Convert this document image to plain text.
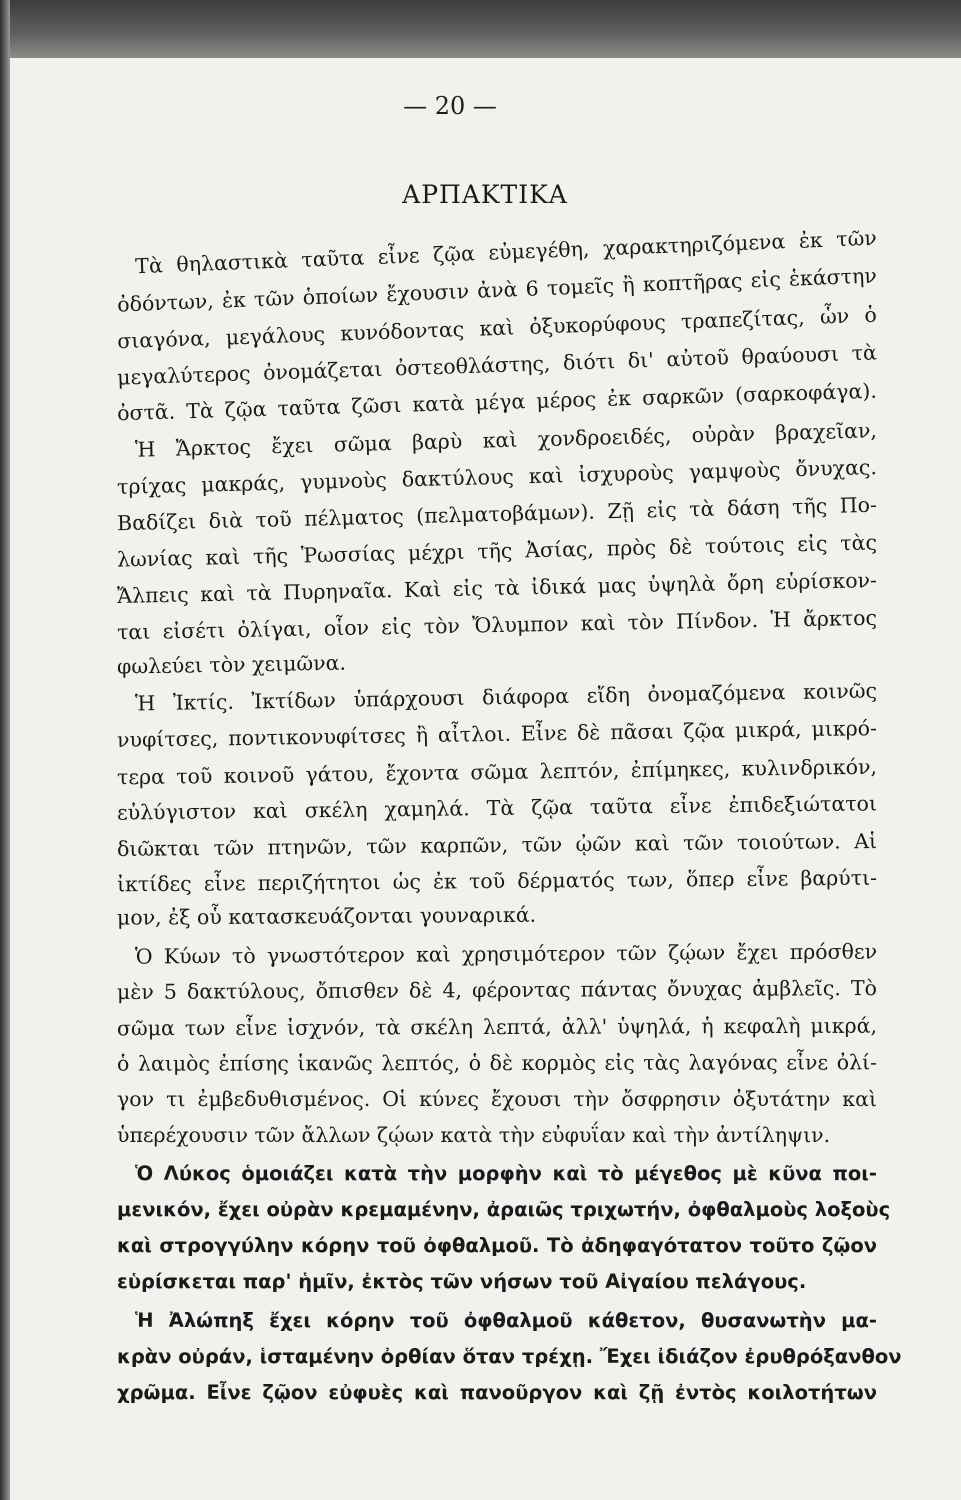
— 20 —
ΑΡΠΑΚΤΙΚΑ
Τὰ θηλαστικὰ ταῦτα εἶνε ζῷα εὐμεγέθη, χαρακτηριζόμενα ἐκ τῶν
ὀδόντων, ἐκ τῶν ὁποίων ἔχουσιν ἀνὰ 6 τομεῖς ἢ κοπτῆρας εἰς ἑκάστην
σιαγόνα, μεγάλους κυνόδοντας καὶ ὀξυκορύφους τραπεζίτας, ὧν ὁ
μεγαλύτερος ὀνομάζεται ὀστεοθλάστης, διότι δι' αὐτοῦ θραύουσι τὰ
ὀστᾶ. Τὰ ζῷα ταῦτα ζῶσι κατὰ μέγα μέρος ἐκ σαρκῶν (σαρκοφάγα).
Ἡ Ἄρκτος ἔχει σῶμα βαρὺ καὶ χονδροειδές, οὐρὰν βραχεῖαν,
τρίχας μακράς, γυμνοὺς δακτύλους καὶ ἰσχυροὺς γαμψοὺς ὄνυχας.
Βαδίζει διὰ τοῦ πέλματος (πελματοβάμων). Ζῇ εἰς τὰ δάση τῆς Πο-
λωνίας καὶ τῆς Ῥωσσίας μέχρι τῆς Ἀσίας, πρὸς δὲ τούτοις εἰς τὰς
Ἄλπεις καὶ τὰ Πυρηναῖα. Καὶ εἰς τὰ ἰδικά μας ὑψηλὰ ὄρη εὑρίσκον-
ται εἰσέτι ὀλίγαι, οἷον εἰς τὸν Ὄλυμπον καὶ τὸν Πίνδον. Ἡ ἄρκτος
φωλεύει τὸν χειμῶνα.
Ἡ Ἰκτίς. Ἰκτίδων ὑπάρχουσι διάφορα εἴδη ὀνομαζόμενα κοινῶς
νυφίτσες, ποντικονυφίτσες ἢ αἶτλοι. Εἶνε δὲ πᾶσαι ζῷα μικρά, μικρό-
τερα τοῦ κοινοῦ γάτου, ἔχοντα σῶμα λεπτόν, ἐπίμηκες, κυλινδρικόν,
εὐλύγιστον καὶ σκέλη χαμηλά. Τὰ ζῷα ταῦτα εἶνε ἐπιδεξιώτατοι
διῶκται τῶν πτηνῶν, τῶν καρπῶν, τῶν ᾠῶν καὶ τῶν τοιούτων. Αἱ
ἰκτίδες εἶνε περιζήτητοι ὡς ἐκ τοῦ δέρματός των, ὅπερ εἶνε βαρύτι-
μον, ἐξ οὗ κατασκευάζονται γουναρικά.
Ὁ Κύων τὸ γνωστότερον καὶ χρησιμότερον τῶν ζῴων ἔχει πρόσθεν
μὲν 5 δακτύλους, ὄπισθεν δὲ 4, φέροντας πάντας ὄνυχας ἀμβλεῖς. Τὸ
σῶμα των εἶνε ἰσχνόν, τὰ σκέλη λεπτά, ἀλλ' ὑψηλά, ἡ κεφαλὴ μικρά,
ὁ λαιμὸς ἐπίσης ἱκανῶς λεπτός, ὁ δὲ κορμὸς εἰς τὰς λαγόνας εἶνε ὀλί-
γον τι ἐμβεδυθισμένος. Οἱ κύνες ἔχουσι τὴν ὄσφρησιν ὀξυτάτην καὶ
ὑπερέχουσιν τῶν ἄλλων ζῴων κατὰ τὴν εὐφυΐαν καὶ τὴν ἀντίληψιν.
Ὁ Λύκος ὁμοιάζει κατὰ τὴν μορφὴν καὶ τὸ μέγεθος μὲ κῦνα ποι-
μενικόν, ἔχει οὐρὰν κρεμαμένην, ἀραιῶς τριχωτήν, ὀφθαλμοὺς λοξοὺς
καὶ στρογγύλην κόρην τοῦ ὀφθαλμοῦ. Τὸ ἀδηφαγότατον τοῦτο ζῷον
εὑρίσκεται παρ' ἡμῖν, ἐκτὸς τῶν νήσων τοῦ Αἰγαίου πελάγους.
Ἡ Ἀλώπηξ ἔχει κόρην τοῦ ὀφθαλμοῦ κάθετον, θυσανωτὴν μα-
κρὰν οὐράν, ἱσταμένην ὀρθίαν ὅταν τρέχῃ. Ἔχει ἰδιάζον ἐρυθρόξανθον
χρῶμα. Εἶνε ζῷον εὐφυὲς καὶ πανοῦργον καὶ ζῇ ἐντὸς κοιλοτήτων
